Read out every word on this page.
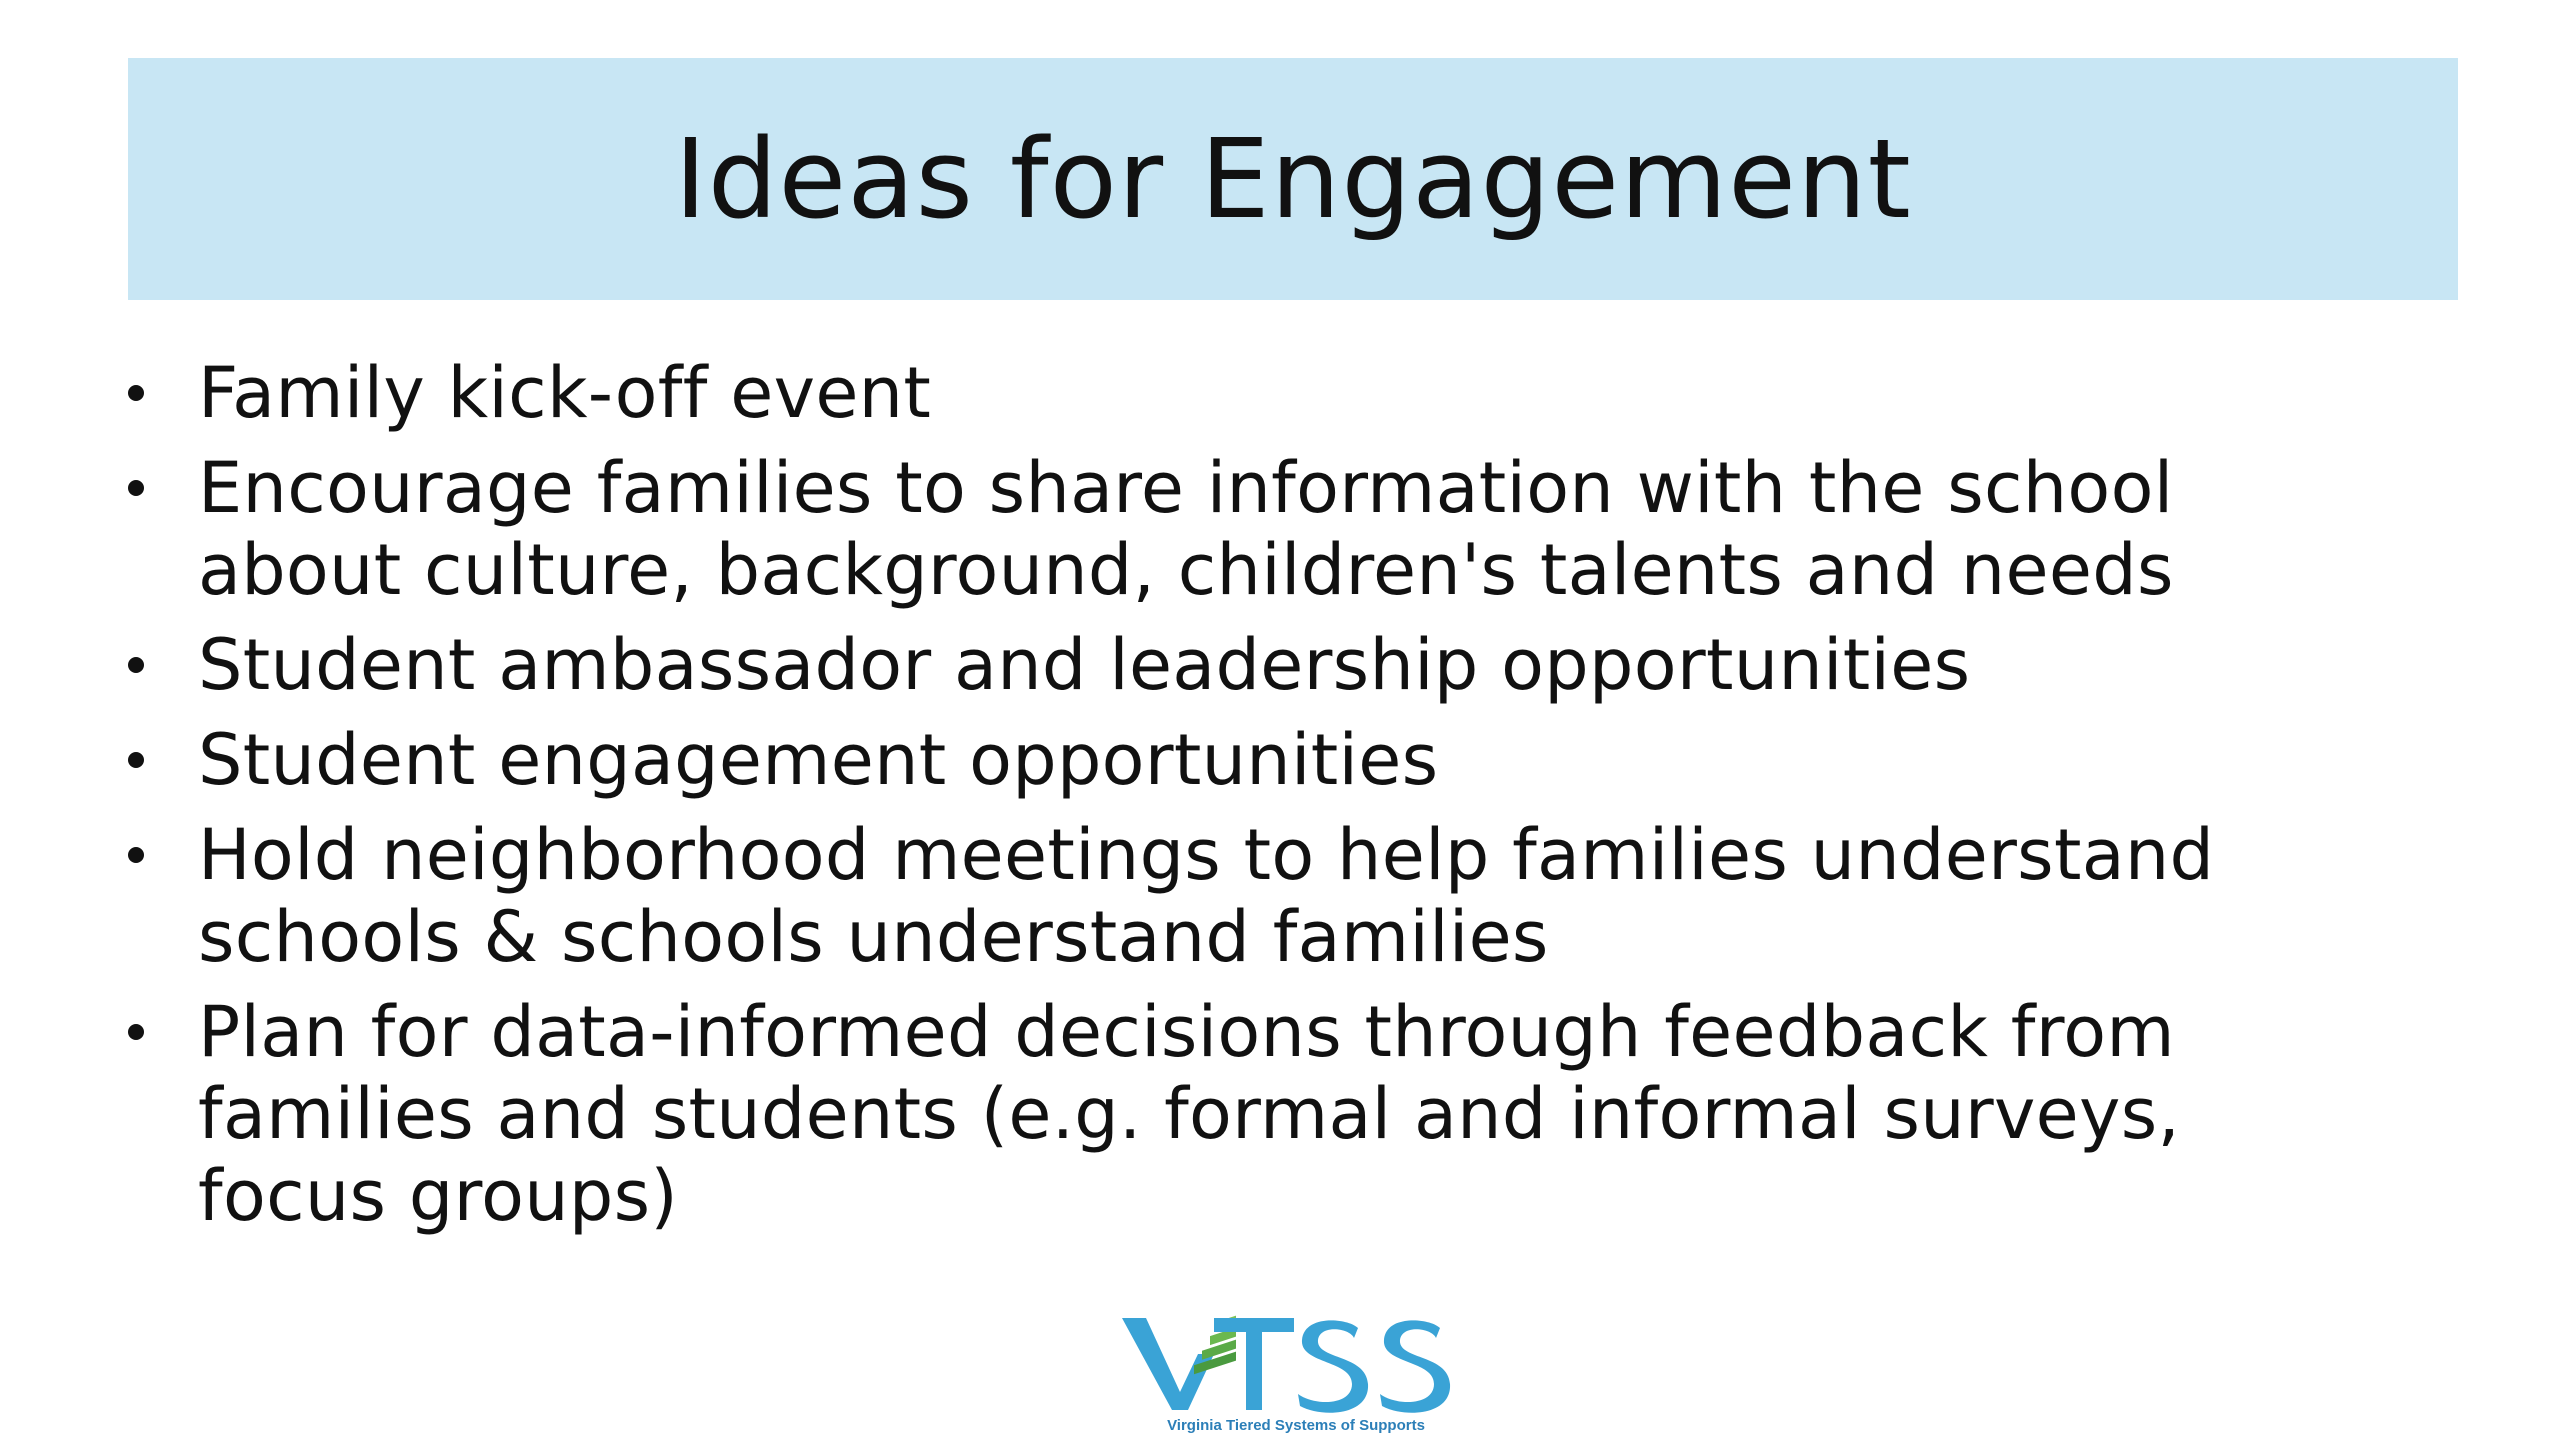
Ideas for Engagement
Family kick-off event
Encourage families to share information with the school
about culture, background, children's talents and needs
Student ambassador and leadership opportunities
Student engagement opportunities
Hold neighborhood meetings to help families understand
schools & schools understand families
Plan for data-informed decisions through feedback from
families and students (e.g. formal and informal surveys,
focus groups)
Virginia Tiered Systems of Supports
